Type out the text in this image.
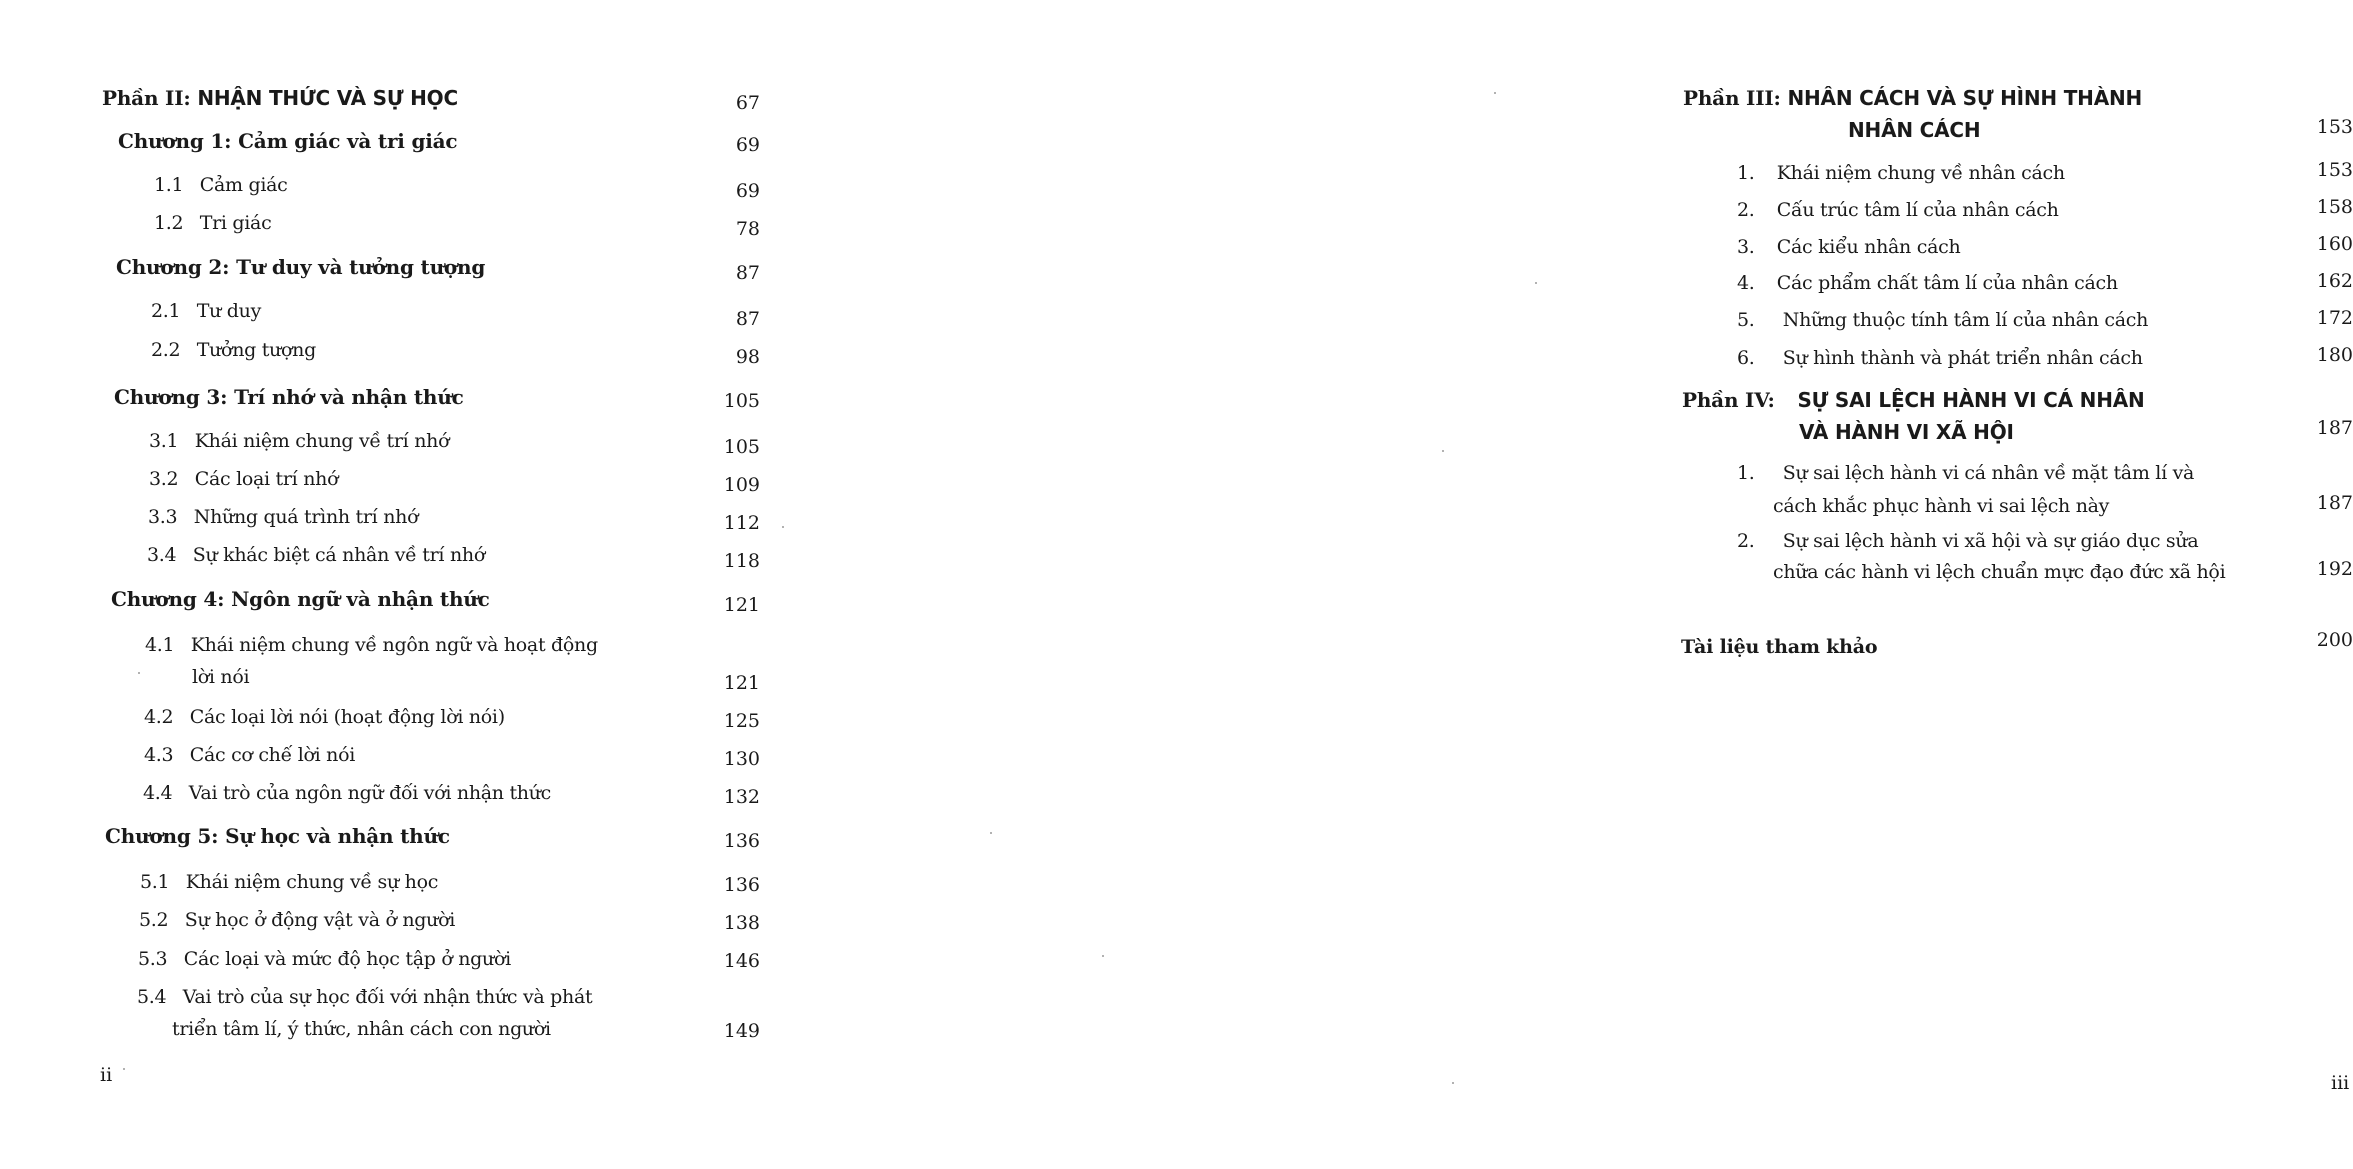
Phần II: NHẬN THỨC VÀ SỰ HỌC	67
Chương 1: Cảm giác và tri giác	69
1.1 Cảm giác	69
1.2 Tri giác	78
Chương 2: Tư duy và tưởng tượng	87
2.1 Tư duy	87
2.2 Tưởng tượng	98
Chương 3: Trí nhớ và nhận thức	105
3.1 Khái niệm chung về trí nhớ	105
3.2 Các loại trí nhớ	109
3.3 Những quá trình trí nhớ	112
3.4 Sự khác biệt cá nhân về trí nhớ	118
Chương 4: Ngôn ngữ và nhận thức	121
4.1 Khái niệm chung về ngôn ngữ và hoạt động
lời nói	121
4.2 Các loại lời nói (hoạt động lời nói)	125
4.3 Các cơ chế lời nói	130
4.4 Vai trò của ngôn ngữ đối với nhận thức	132
Chương 5: Sự học và nhận thức	136
5.1 Khái niệm chung về sự học	136
5.2 Sự học ở động vật và ở người	138
5.3 Các loại và mức độ học tập ở người	146
5.4 Vai trò của sự học đối với nhận thức và phát
triển tâm lí, ý thức, nhân cách con người	149
ii
Phần III: NHÂN CÁCH VÀ SỰ HÌNH THÀNH
NHÂN CÁCH	153
1. Khái niệm chung về nhân cách	153
2. Cấu trúc tâm lí của nhân cách	158
3. Các kiểu nhân cách	160
4. Các phẩm chất tâm lí của nhân cách	162
5. Những thuộc tính tâm lí của nhân cách	172
6. Sự hình thành và phát triển nhân cách	180
Phần IV: SỰ SAI LỆCH HÀNH VI CÁ NHÂN
VÀ HÀNH VI XÃ HỘI	187
1. Sự sai lệch hành vi cá nhân về mặt tâm lí và
cách khắc phục hành vi sai lệch này	187
2. Sự sai lệch hành vi xã hội và sự giáo dục sửa
chữa các hành vi lệch chuẩn mực đạo đức xã hội	192
Tài liệu tham khảo	200
iii
